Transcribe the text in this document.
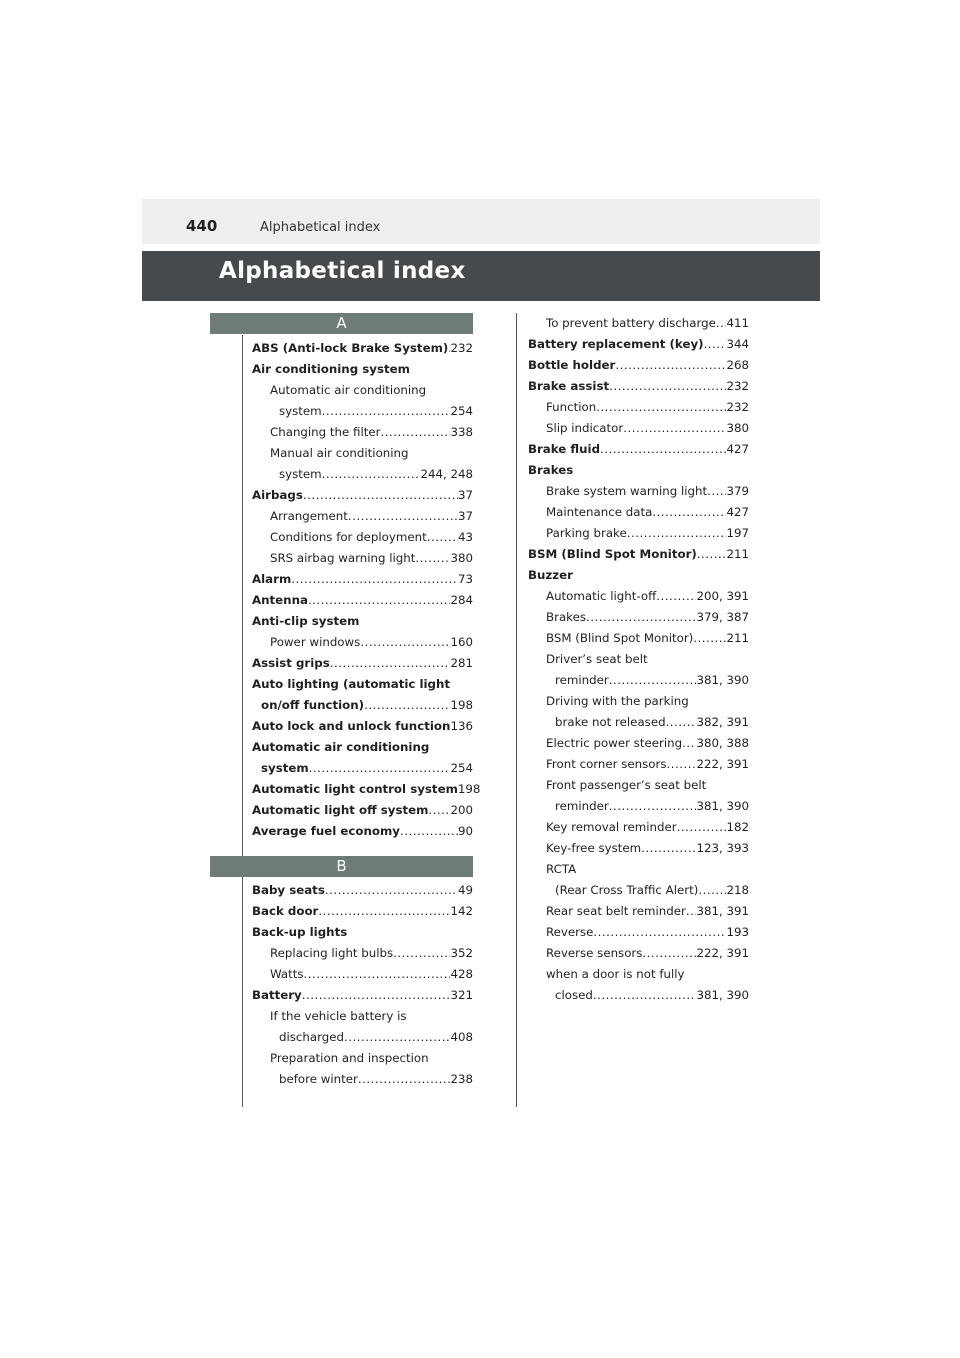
440	Alphabetical index
Alphabetical index
A
ABS (Anti-lock Brake System) ..... 232
Air conditioning system
Automatic air conditioning
system .....	254
Changing the filter .....	338
Manual air conditioning
system .....	244, 248
Airbags .....	37
Arrangement .....	37
Conditions for deployment .....	43
SRS airbag warning light .....	380
Alarm .....	73
Antenna .....	284
Anti-clip system
Power windows .....	160
Assist grips .....	281
Auto lighting (automatic light
on/off function) .....	198
Auto lock and unlock function ..... 136
Automatic air conditioning
system .....	254
Automatic light control system 198
Automatic light off system ..... 200
Average fuel economy .....	90
B
Baby seats .....	49
Back door .....	142
Back-up lights
Replacing light bulbs .....	352
Watts .....	428
Battery .....	321
If the vehicle battery is
discharged .....	408
Preparation and inspection
before winter .....	238
To prevent battery discharge ..... 411
Battery replacement (key) ..... 344
Bottle holder .....	268
Brake assist .....	232
Function .....	232
Slip indicator .....	380
Brake fluid .....	427
Brakes
Brake system warning light ..... 379
Maintenance data .....	427
Parking brake .....	197
BSM (Blind Spot Monitor) .....	211
Buzzer
Automatic light-off .....	200, 391
Brakes .....	379, 387
BSM (Blind Spot Monitor) .....	211
Driver’s seat belt
reminder .....	381, 390
Driving with the parking
brake not released .....	382, 391
Electric power steering ..... 380, 388
Front corner sensors .....	222, 391
Front passenger’s seat belt
reminder .....	381, 390
Key removal reminder .....	182
Key-free system .....	123, 393
RCTA
(Rear Cross Traffic Alert) ..... 218
Rear seat belt reminder ..... 381, 391
Reverse .....	193
Reverse sensors .....	222, 391
when a door is not fully
closed .....	381, 390
